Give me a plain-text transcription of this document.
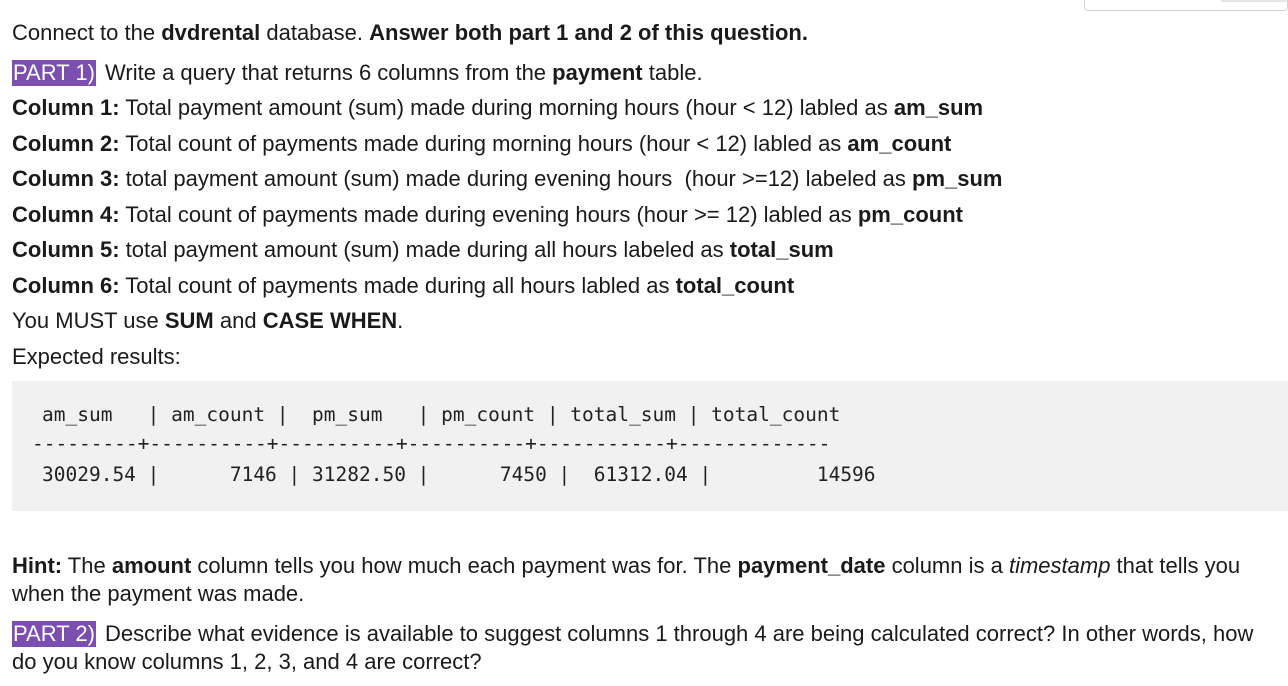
Connect to the dvdrental database. Answer both part 1 and 2 of this question.
PART 1) Write a query that returns 6 columns from the payment table.
Column 1: Total payment amount (sum) made during morning hours (hour < 12) labled as am_sum
Column 2: Total count of payments made during morning hours (hour < 12) labled as am_count
Column 3: total payment amount (sum) made during evening hours  (hour >=12) labeled as pm_sum
Column 4: Total count of payments made during evening hours (hour >= 12) labled as pm_count
Column 5: total payment amount (sum) made during all hours labeled as total_sum
Column 6: Total count of payments made during all hours labled as total_count
You MUST use SUM and CASE WHEN.
Expected results:
am_sum   | am_count |  pm_sum   | pm_count | total_sum | total_count
---------+----------+----------+----------+-----------+-------------
30029.54 |      7146 | 31282.50 |      7450 |  61312.04 |         14596
Hint: The amount column tells you how much each payment was for. The payment_date column is a timestamp that tells you when the payment was made.
PART 2) Describe what evidence is available to suggest columns 1 through 4 are being calculated correct? In other words, how do you know columns 1, 2, 3, and 4 are correct?
